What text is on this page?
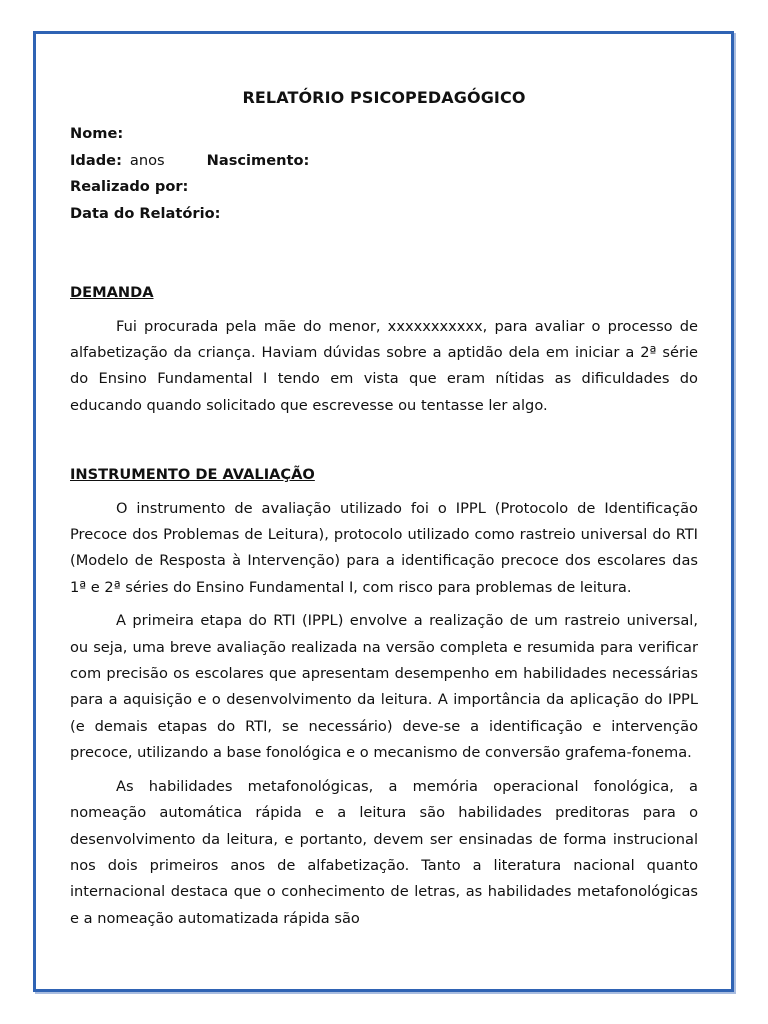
RELATÓRIO PSICOPEDAGÓGICO
Nome:
Idade: anos	Nascimento:
Realizado por:
Data do Relatório:
DEMANDA

Fui procurada pela mãe do menor, xxxxxxxxxxx, para avaliar o processo de alfabetização da criança. Haviam dúvidas sobre a aptidão dela em iniciar a 2ª série do Ensino Fundamental I tendo em vista que eram nítidas as dificuldades do educando quando solicitado que escrevesse ou tentasse ler algo.

INSTRUMENTO DE AVALIAÇÃO

O instrumento de avaliação utilizado foi o IPPL (Protocolo de Identificação Precoce dos Problemas de Leitura), protocolo utilizado como rastreio universal do RTI (Modelo de Resposta à Intervenção) para a identificação precoce dos escolares das 1ª e 2ª séries do Ensino Fundamental I, com risco para problemas de leitura.

A primeira etapa do RTI (IPPL) envolve a realização de um rastreio universal, ou seja, uma breve avaliação realizada na versão completa e resumida para verificar com precisão os escolares que apresentam desempenho em habilidades necessárias para a aquisição e o desenvolvimento da leitura. A importância da aplicação do IPPL (e demais etapas do RTI, se necessário) deve-se a identificação e intervenção precoce, utilizando a base fonológica e o mecanismo de conversão grafema-fonema.

As habilidades metafonológicas, a memória operacional fonológica, a nomeação automática rápida e a leitura são habilidades preditoras para o desenvolvimento da leitura, e portanto, devem ser ensinadas de forma instrucional nos dois primeiros anos de alfabetização. Tanto a literatura nacional quanto internacional destaca que o conhecimento de letras, as habilidades metafonológicas e a nomeação automatizada rápida são
